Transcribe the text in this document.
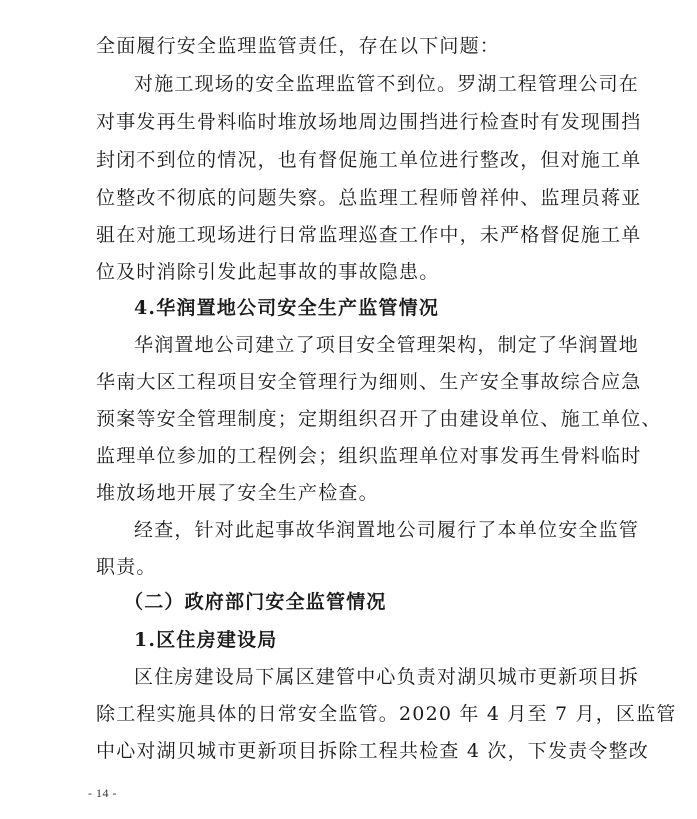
全面履行安全监理监管责任，存在以下问题：
对施工现场的安全监理监管不到位。罗湖工程管理公司在
对事发再生骨料临时堆放场地周边围挡进行检查时有发现围挡
封闭不到位的情况，也有督促施工单位进行整改，但对施工单
位整改不彻底的问题失察。总监理工程师曾祥仲、监理员蒋亚
驵在对施工现场进行日常监理巡查工作中，未严格督促施工单
位及时消除引发此起事故的事故隐患。
4.华润置地公司安全生产监管情况
华润置地公司建立了项目安全管理架构，制定了华润置地
华南大区工程项目安全管理行为细则、生产安全事故综合应急
预案等安全管理制度；定期组织召开了由建设单位、施工单位、
监理单位参加的工程例会；组织监理单位对事发再生骨料临时
堆放场地开展了安全生产检查。
经查，针对此起事故华润置地公司履行了本单位安全监管
职责。
（二）政府部门安全监管情况
1.区住房建设局
区住房建设局下属区建管中心负责对湖贝城市更新项目拆
除工程实施具体的日常安全监管。2020 年 4 月至 7 月，区监管
中心对湖贝城市更新项目拆除工程共检查 4 次，下发责令整改
- 14 -
